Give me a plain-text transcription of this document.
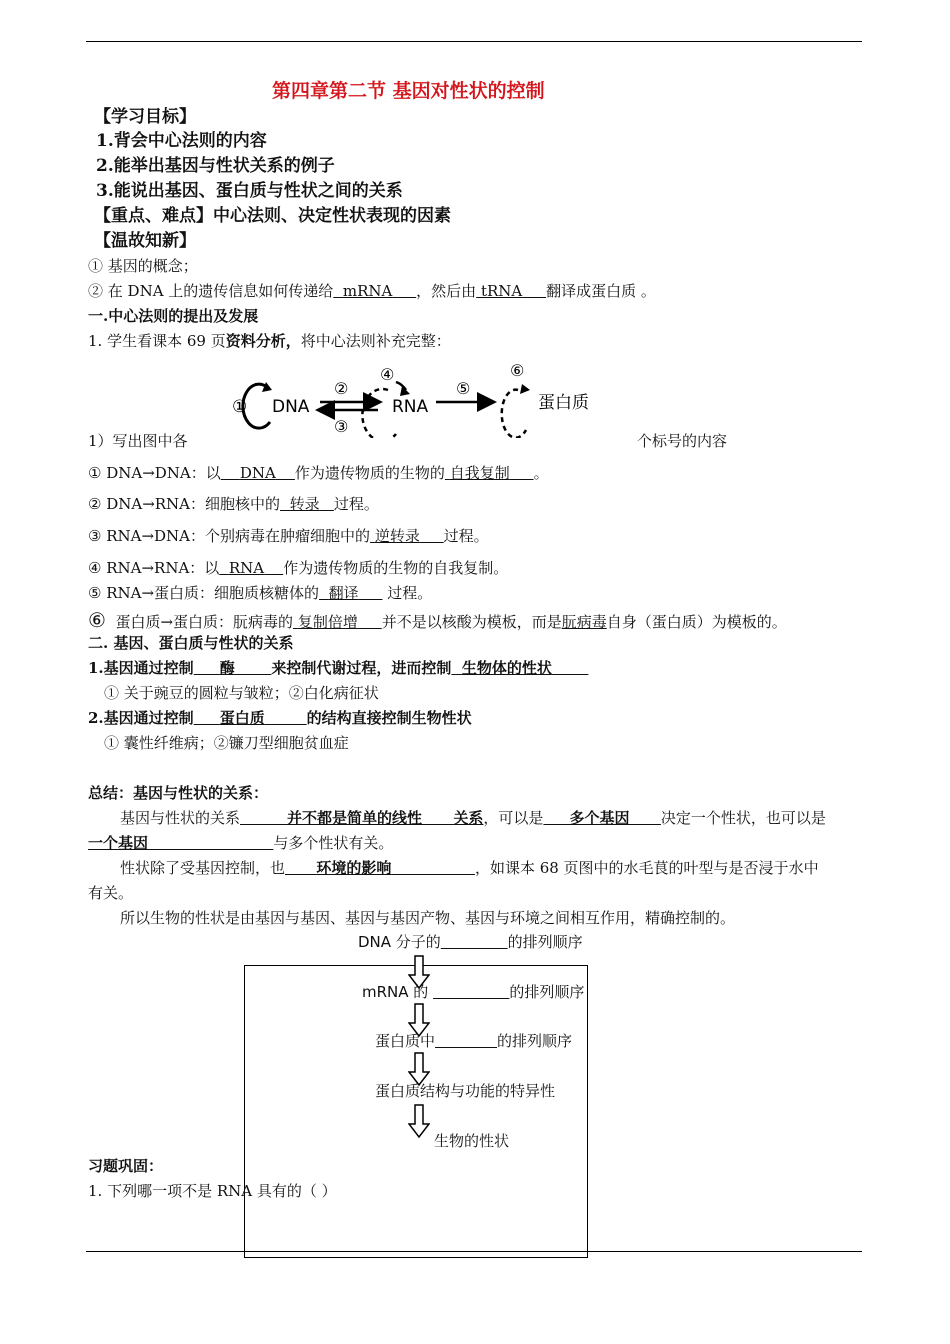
第四章第二节 基因对性状的控制
【学习目标】
1.背会中心法则的内容
2.能举出基因与性状关系的例子
3.能说出基因、蛋白质与性状之间的关系
【重点、难点】中心法则、决定性状表现的因素
【温故知新】
① 基因的概念；
② 在 DNA 上的遗传信息如何传递给 mRNA ，然后由 tRNA 翻译成蛋白质 。
一.中心法则的提出及发展
1. 学生看课本 69 页资料分析，将中心法则补充完整：
① DNA
②
③
④
RNA
⑤
⑥
蛋白质
1）写出图中各	个标号的内容
① DNA→DNA：以 DNA 作为遗传物质的生物的 自我复制 。
② DNA→RNA：细胞核中的 转录 过程。
③ RNA→DNA：个别病毒在肿瘤细胞中的 逆转录 过程。
④ RNA→RNA：以 RNA 作为遗传物质的生物的自我复制。
⑤ RNA→蛋白质：细胞质核糖体的 翻译 过程。
⑥ 蛋白质→蛋白质：朊病毒的 复制倍增 并不是以核酸为模板，而是朊病毒自身（蛋白质）为模板的。
二. 基因、蛋白质与性状的关系
1.基因通过控制 酶 来控制代谢过程，进而控制 生物体的性状
① 关于豌豆的圆粒与皱粒；②白化病征状
2.基因通过控制 蛋白质	的结构直接控制生物性状
① 囊性纤维病；②镰刀型细胞贫血症
总结：基因与性状的关系：
基因与性状的关系	并不都是简单的线性 关系，可以是 多个基因 决定一个性状，也可以是
一个基因	与多个性状有关。
性状除了受基因控制，也 环境的影响	，如课本 68 页图中的水毛茛的叶型与是否浸于水中
有关。
所以生物的性状是由基因与基因、基因与基因产物、基因与环境之间相互作用，精确控制的。
DNA 分子的	的排列顺序
mRNA 的	的排列顺序
蛋白质中	的排列顺序
蛋白质结构与功能的特异性
生物的性状
习题巩固：
1. 下列哪一项不是 RNA 具有的（ ）
